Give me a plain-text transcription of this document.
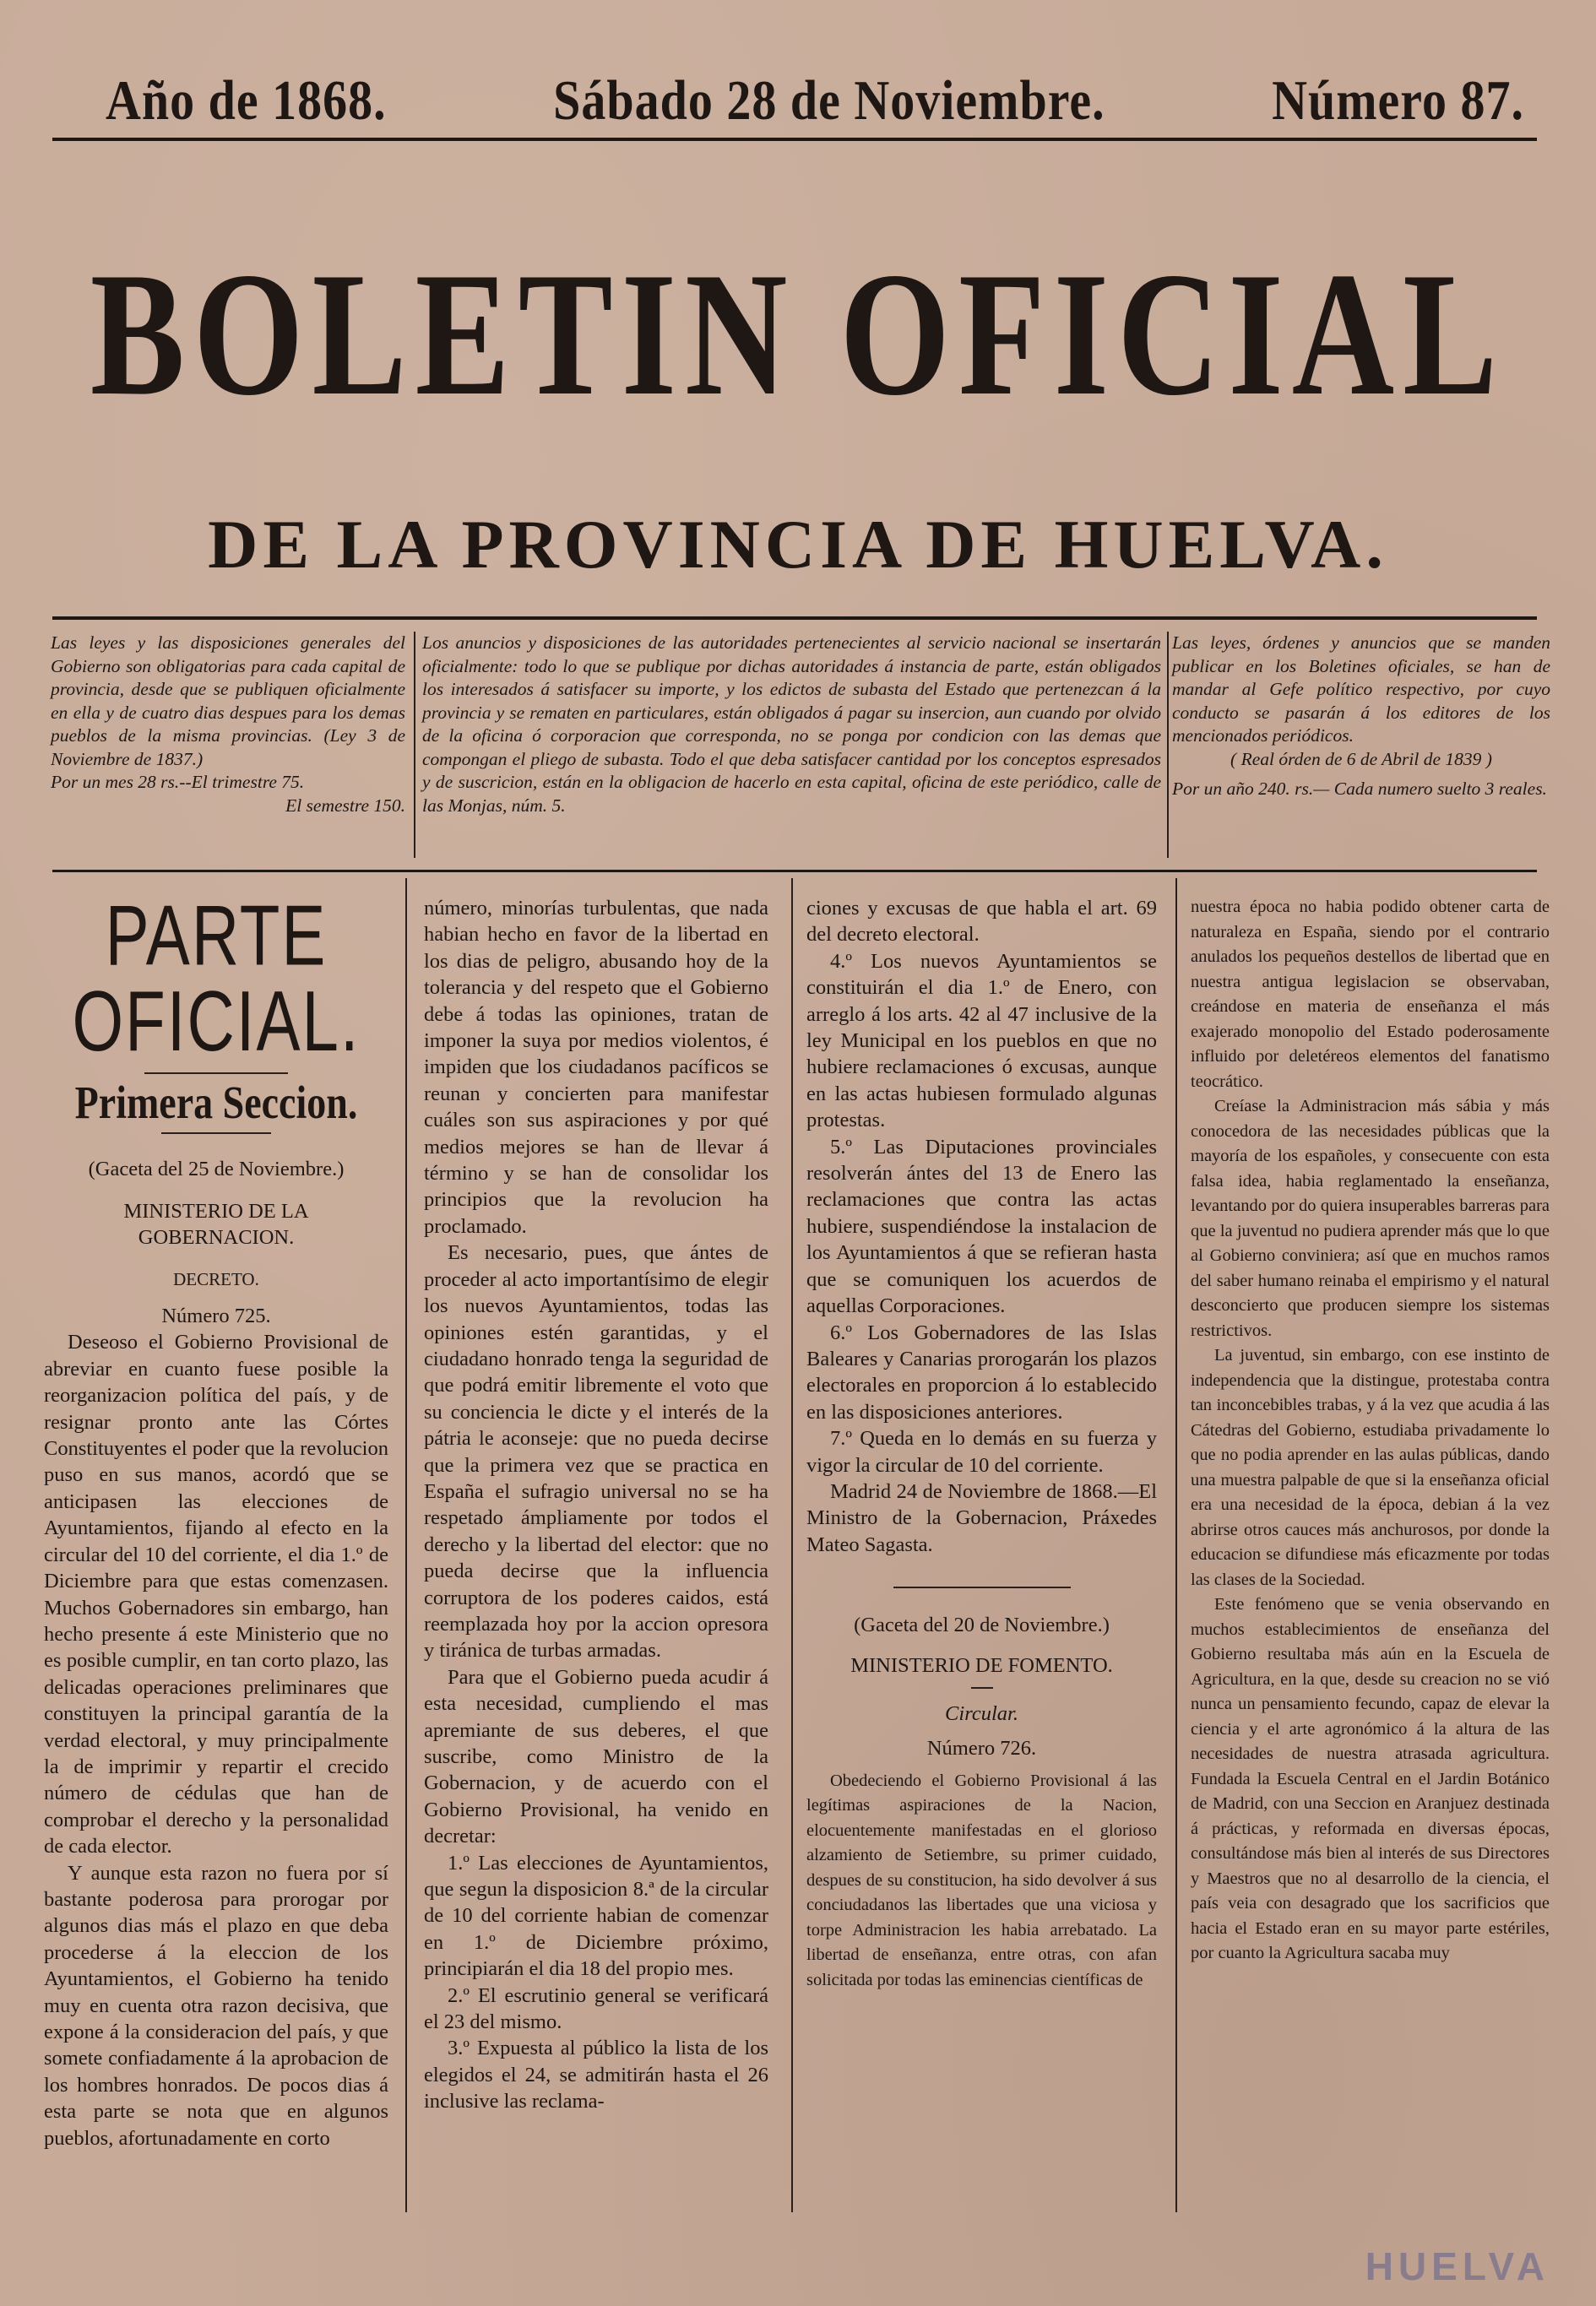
Año de 1868.	Sábado 28 de Noviembre.	Número 87.
BOLETIN OFICIAL
DE LA PROVINCIA DE HUELVA.

Las leyes y las disposiciones generales del Gobierno son obligatorias para cada capital de provincia, desde que se publiquen oficialmente en ella y de cuatro dias despues para los demas pueblos de la misma provincias. (Ley 3 de Noviembre de 1837.)

Por un mes 28 rs.--El trimestre 75.

El semestre 150.

Los anuncios y disposiciones de las autoridades pertenecientes al servicio nacional se insertarán oficialmente: todo lo que se publique por dichas autoridades á instancia de parte, están obligados los interesados á satisfacer su importe, y los edictos de subasta del Estado que pertenezcan á la provincia y se rematen en particulares, están obligados á pagar su insercion, aun cuando por olvido de la oficina ó corporacion que corresponda, no se ponga por condicion con las demas que compongan el pliego de subasta. Todo el que deba satisfacer cantidad por los conceptos espresados y de suscricion, están en la obligacion de hacerlo en esta capital, oficina de este periódico, calle de las Monjas, núm. 5.

Las leyes, órdenes y anuncios que se manden publicar en los Boletines oficiales, se han de mandar al Gefe político respectivo, por cuyo conducto se pasarán á los editores de los mencionados periódicos.

( Real órden de 6 de Abril de 1839 )

Por un año 240. rs.— Cada numero suelto 3 reales.

PARTE OFICIAL.
Primera Seccion.

(Gaceta del 25 de Noviembre.)

MINISTERIO DE LA GOBERNACION.

DECRETO.

Número 725.

Deseoso el Gobierno Provisional de abreviar en cuanto fuese posible la reorganizacion política del país, y de resignar pronto ante las Córtes Constituyentes el poder que la revolucion puso en sus manos, acordó que se anticipasen las elecciones de Ayuntamientos, fijando al efecto en la circular del 10 del corriente, el dia 1.º de Diciembre para que estas comenzasen. Muchos Gobernadores sin embargo, han hecho presente á este Ministerio que no es posible cumplir, en tan corto plazo, las delicadas operaciones preliminares que constituyen la principal garantía de la verdad electoral, y muy principalmente la de imprimir y repartir el crecido número de cédulas que han de comprobar el derecho y la personalidad de cada elector.

Y aunque esta razon no fuera por sí bastante poderosa para prorogar por algunos dias más el plazo en que deba procederse á la eleccion de los Ayuntamientos, el Gobierno ha tenido muy en cuenta otra razon decisiva, que expone á la consideracion del país, y que somete confiadamente á la aprobacion de los hombres honrados. De pocos dias á esta parte se nota que en algunos pueblos, afortunadamente en corto

número, minorías turbulentas, que nada habian hecho en favor de la libertad en los dias de peligro, abusando hoy de la tolerancia y del respeto que el Gobierno debe á todas las opiniones, tratan de imponer la suya por medios violentos, é impiden que los ciudadanos pacíficos se reunan y concierten para manifestar cuáles son sus aspiraciones y por qué medios mejores se han de llevar á término y se han de consolidar los principios que la revolucion ha proclamado.

Es necesario, pues, que ántes de proceder al acto importantísimo de elegir los nuevos Ayuntamientos, todas las opiniones estén garantidas, y el ciudadano honrado tenga la seguridad de que podrá emitir libremente el voto que su conciencia le dicte y el interés de la pátria le aconseje: que no pueda decirse que la primera vez que se practica en España el sufragio universal no se ha respetado ámpliamente por todos el derecho y la libertad del elector: que no pueda decirse que la influencia corruptora de los poderes caidos, está reemplazada hoy por la accion opresora y tiránica de turbas armadas.

Para que el Gobierno pueda acudir á esta necesidad, cumpliendo el mas apremiante de sus deberes, el que suscribe, como Ministro de la Gobernacion, y de acuerdo con el Gobierno Provisional, ha venido en decretar:

1.º Las elecciones de Ayuntamientos, que segun la disposicion 8.ª de la circular de 10 del corriente habian de comenzar en 1.º de Diciembre próximo, principiarán el dia 18 del propio mes.

2.º El escrutinio general se verificará el 23 del mismo.

3.º Expuesta al público la lista de los elegidos el 24, se admitirán hasta el 26 inclusive las reclama-

ciones y excusas de que habla el art. 69 del decreto electoral.

4.º Los nuevos Ayuntamientos se constituirán el dia 1.º de Enero, con arreglo á los arts. 42 al 47 inclusive de la ley Municipal en los pueblos en que no hubiere reclamaciones ó excusas, aunque en las actas hubiesen formulado algunas protestas.

5.º Las Diputaciones provinciales resolverán ántes del 13 de Enero las reclamaciones que contra las actas hubiere, suspendiéndose la instalacion de los Ayuntamientos á que se refieran hasta que se comuniquen los acuerdos de aquellas Corporaciones.

6.º Los Gobernadores de las Islas Baleares y Canarias prorogarán los plazos electorales en proporcion á lo establecido en las disposiciones anteriores.

7.º Queda en lo demás en su fuerza y vigor la circular de 10 del corriente.

Madrid 24 de Noviembre de 1868.—El Ministro de la Gobernacion, Práxedes Mateo Sagasta.

(Gaceta del 20 de Noviembre.)

MINISTERIO DE FOMENTO.

Circular.

Número 726.

Obedeciendo el Gobierno Provisional á las legítimas aspiraciones de la Nacion, elocuentemente manifestadas en el glorioso alzamiento de Setiembre, su primer cuidado, despues de su constitucion, ha sido devolver á sus conciudadanos las libertades que una viciosa y torpe Administracion les habia arrebatado. La libertad de enseñanza, entre otras, con afan solicitada por todas las eminencias científicas de

nuestra época no habia podido obtener carta de naturaleza en España, siendo por el contrario anulados los pequeños destellos de libertad que en nuestra antigua legislacion se observaban, creándose en materia de enseñanza el más exajerado monopolio del Estado poderosamente influido por deletéreos elementos del fanatismo teocrático.

Creíase la Administracion más sábia y más conocedora de las necesidades públicas que la mayoría de los españoles, y consecuente con esta falsa idea, habia reglamentado la enseñanza, levantando por do quiera insuperables barreras para que la juventud no pudiera aprender más que lo que al Gobierno conviniera; así que en muchos ramos del saber humano reinaba el empirismo y el natural desconcierto que producen siempre los sistemas restrictivos.

La juventud, sin embargo, con ese instinto de independencia que la distingue, protestaba contra tan inconcebibles trabas, y á la vez que acudia á las Cátedras del Gobierno, estudiaba privadamente lo que no podia aprender en las aulas públicas, dando una muestra palpable de que si la enseñanza oficial era una necesidad de la época, debian á la vez abrirse otros cauces más anchurosos, por donde la educacion se difundiese más eficazmente por todas las clases de la Sociedad.

Este fenómeno que se venia observando en muchos establecimientos de enseñanza del Gobierno resultaba más aún en la Escuela de Agricultura, en la que, desde su creacion no se vió nunca un pensamiento fecundo, capaz de elevar la ciencia y el arte agronómico á la altura de las necesidades de nuestra atrasada agricultura. Fundada la Escuela Central en el Jardin Botánico de Madrid, con una Seccion en Aranjuez destinada á prácticas, y reformada en diversas épocas, consultándose más bien al interés de sus Directores y Maestros que no al desarrollo de la ciencia, el país veia con desagrado que los sacrificios que hacia el Estado eran en su mayor parte estériles, por cuanto la Agricultura sacaba muy

HUELVA
